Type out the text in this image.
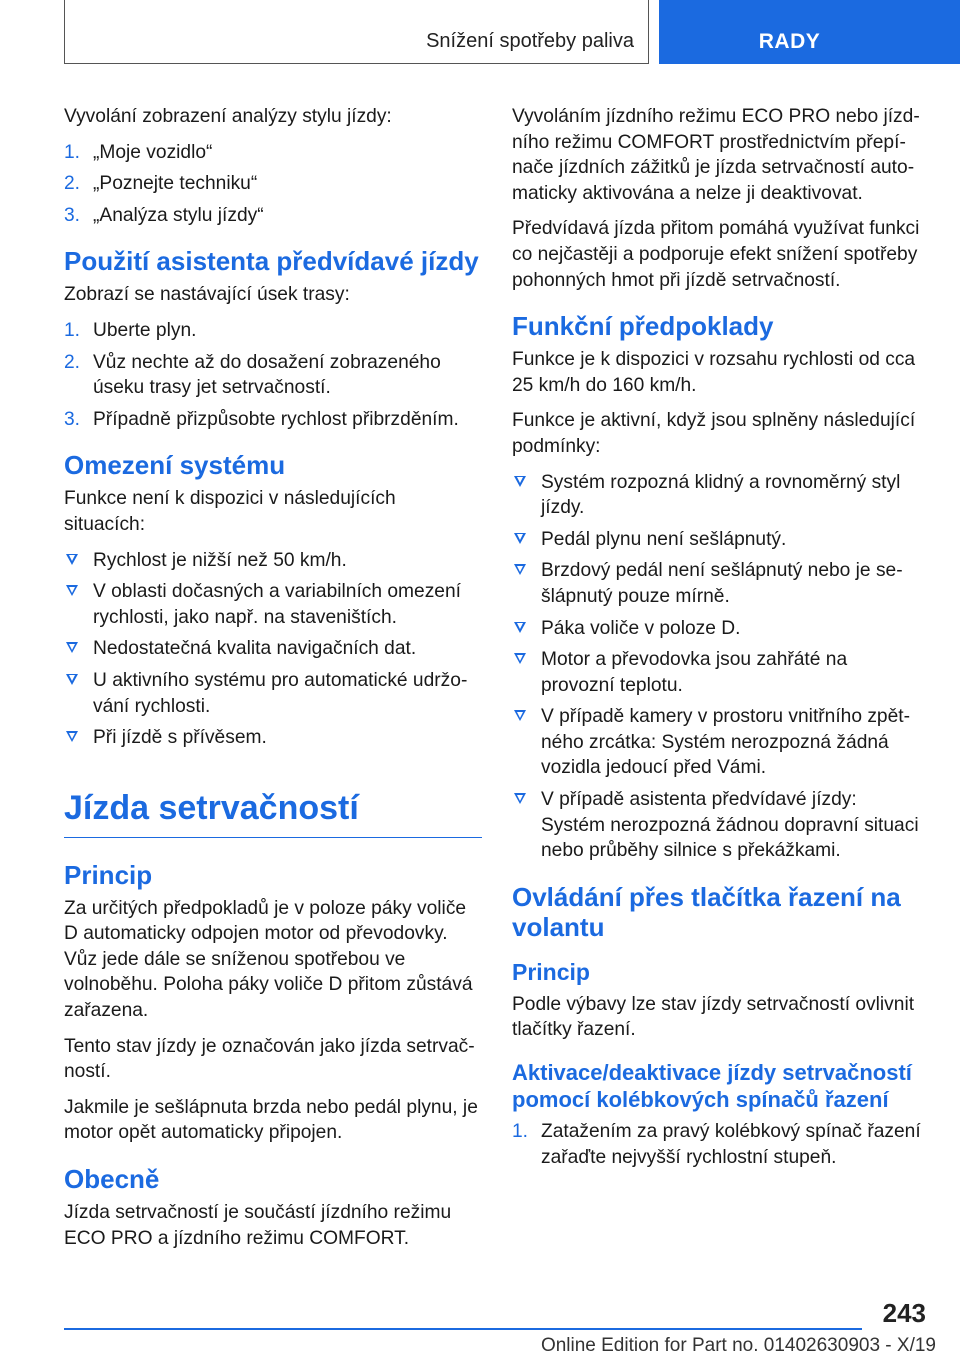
Snížení spotřeby paliva	RADY

Vyvolání zobrazení analýzy stylu jízdy:

1. „Moje vozidlo“
2. „Poznejte techniku“
3. „Analýza stylu jízdy“
Použití asistenta předvídavé jízdy

Zobrazí se nastávající úsek trasy:

1. Uberte plyn.
2. Vůz nechte až do dosažení zobrazeného úseku trasy jet setrvačností.
3. Případně přizpůsobte rychlost přibrzděním.
Omezení systému

Funkce není k dispozici v následujících situacích:

Rychlost je nižší než 50 km/h.
V oblasti dočasných a variabilních omezení rychlosti, jako např. na staveništích.
Nedostatečná kvalita navigačních dat.
U aktivního systému pro automatické udržování rychlosti.
Při jízdě s přívěsem.
Jízda setrvačností
Princip

Za určitých předpokladů je v poloze páky voliče D automaticky odpojen motor od převodovky. Vůz jede dále se sníženou spotřebou ve volnoběhu. Poloha páky voliče D přitom zůstává zařazena.

Tento stav jízdy je označován jako jízda setrvačností.

Jakmile je sešlápnuta brzda nebo pedál plynu, je motor opět automaticky připojen.

Obecně

Jízda setrvačností je součástí jízdního režimu ECO PRO a jízdního režimu COMFORT.

Vyvoláním jízdního režimu ECO PRO nebo jízdního režimu COMFORT prostřednictvím přepínače jízdních zážitků je jízda setrvačností automaticky aktivována a nelze ji deaktivovat.

Předvídavá jízda přitom pomáhá využívat funkci co nejčastěji a podporuje efekt snížení spotřeby pohonných hmot při jízdě setrvačností.

Funkční předpoklady

Funkce je k dispozici v rozsahu rychlosti od cca 25 km/h do 160 km/h.

Funkce je aktivní, když jsou splněny následující podmínky:

Systém rozpozná klidný a rovnoměrný styl jízdy.
Pedál plynu není sešlápnutý.
Brzdový pedál není sešlápnutý nebo je sešlápnutý pouze mírně.
Páka voliče v poloze D.
Motor a převodovka jsou zahřáté na provozní teplotu.
V případě kamery v prostoru vnitřního zpětného zrcátka: Systém nerozpozná žádná vozidla jedoucí před Vámi.
V případě asistenta předvídavé jízdy: Systém nerozpozná žádnou dopravní situaci nebo průběhy silnice s překážkami.
Ovládání přes tlačítka řazení na volantu
Princip

Podle výbavy lze stav jízdy setrvačností ovlivnit tlačítky řazení.

Aktivace/deaktivace jízdy setrvačností pomocí kolébkových spínačů řazení
1. Zatažením za pravý kolébkový spínač řazení zařaďte nejvyšší rychlostní stupeň.
243
Online Edition for Part no. 01402630903 - X/19
